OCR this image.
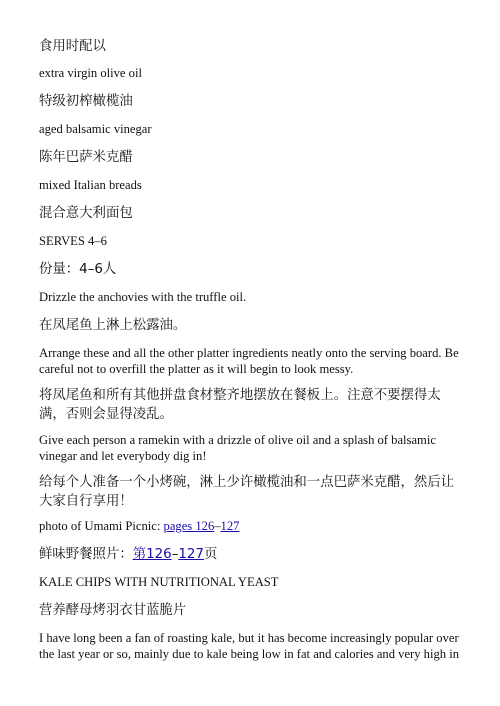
食用时配以

extra virgin olive oil

特级初榨橄榄油

aged balsamic vinegar

陈年巴萨米克醋

mixed Italian breads

混合意大利面包

SERVES 4–6

份量：4–6人

Drizzle the anchovies with the truffle oil.

在凤尾鱼上淋上松露油。

Arrange these and all the other platter ingredients neatly onto the serving board. Be careful not to overfill the platter as it will begin to look messy.

将凤尾鱼和所有其他拼盘食材整齐地摆放在餐板上。注意不要摆得太满，否则会显得凌乱。

Give each person a ramekin with a drizzle of olive oil and a splash of balsamic vinegar and let everybody dig in!

给每个人准备一个小烤碗，淋上少许橄榄油和一点巴萨米克醋，然后让大家自行享用！

photo of Umami Picnic: pages 126–127

鲜味野餐照片：第126–127页

KALE CHIPS WITH NUTRITIONAL YEAST

营养酵母烤羽衣甘蓝脆片

I have long been a fan of roasting kale, but it has become increasingly popular over the last year or so, mainly due to kale being low in fat and calories and very high in
